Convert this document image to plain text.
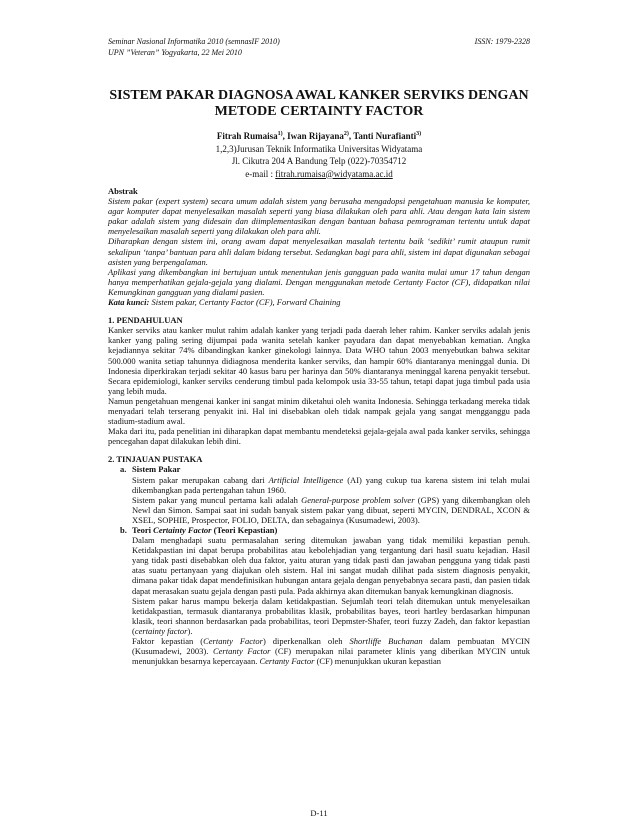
Seminar Nasional Informatika 2010 (semnasIF 2010)
UPN ”Veteran” Yogyakarta, 22 Mei 2010
ISSN: 1979-2328
SISTEM PAKAR DIAGNOSA AWAL KANKER SERVIKS DENGAN
METODE CERTAINTY FACTOR
Fitrah Rumaisa$^{1)}$, Iwan Rijayana$^{2)}$, Tanti Nurafianti$^{3)}$
1,2,3)Jurusan Teknik Informatika Universitas Widyatama
Jl. Cikutra 204 A Bandung Telp (022)-70354712
e-mail : fitrah.rumaisa@widyatama.ac.id
Abstrak

Sistem pakar (expert system) secara umum adalah sistem yang berusaha mengadopsi pengetahuan manusia ke komputer, agar komputer dapat menyelesaikan masalah seperti yang biasa dilakukan oleh para ahli. Atau dengan kata lain sistem pakar adalah sistem yang didesain dan diimplementasikan dengan bantuan bahasa pemrograman tertentu untuk dapat menyelesaikan masalah seperti yang dilakukan oleh para ahli.

Diharapkan dengan sistem ini, orang awam dapat menyelesaikan masalah tertentu baik ‘sedikit’ rumit ataupun rumit sekalipun ‘tanpa’ bantuan para ahli dalam bidang tersebut. Sedangkan bagi para ahli, sistem ini dapat digunakan sebagai asisten yang berpengalaman.

Aplikasi yang dikembangkan ini bertujuan untuk menentukan jenis gangguan pada wanita mulai umur 17 tahun dengan hanya memperhatikan gejala-gejala yang dialami. Dengan menggunakan metode Certanty Factor (CF), didapatkan nilai Kemungkinan gangguan yang dialami pasien.

Kata kunci: Sistem pakar, Certanty Factor (CF), Forward Chaining

1. PENDAHULUAN

Kanker serviks atau kanker mulut rahim adalah kanker yang terjadi pada daerah leher rahim. Kanker serviks adalah jenis kanker yang paling sering dijumpai pada wanita setelah kanker payudara dan dapat menyebabkan kematian. Angka kejadiannya sekitar 74% dibandingkan kanker ginekologi lainnya. Data WHO tahun 2003 menyebutkan bahwa sekitar 500.000 wanita setiap tahunnya didiagnosa menderita kanker serviks, dan hampir 60% diantaranya meninggal dunia. Di Indonesia diperkirakan terjadi sekitar 40 kasus baru per harinya dan 50% diantaranya meninggal karena penyakit tersebut. Secara epidemiologi, kanker serviks cenderung timbul pada kelompok usia 33-55 tahun, tetapi dapat juga timbul pada usia yang lebih muda.

Namun pengetahuan mengenai kanker ini sangat minim diketahui oleh wanita Indonesia. Sehingga terkadang mereka tidak menyadari telah terserang penyakit ini. Hal ini disebabkan oleh tidak nampak gejala yang sangat mengganggu pada stadium-stadium awal.

Maka dari itu, pada penelitian ini diharapkan dapat membantu mendeteksi gejala-gejala awal pada kanker serviks, sehingga pencegahan dapat dilakukan lebih dini.

2. TINJAUAN PUSTAKA
a. Sistem Pakar

Sistem pakar merupakan cabang dari Artificial Intelligence (AI) yang cukup tua karena sistem ini telah mulai dikembangkan pada pertengahan tahun 1960.

Sistem pakar yang muncul pertama kali adalah General-purpose problem solver (GPS) yang dikembangkan oleh Newl dan Simon. Sampai saat ini sudah banyak sistem pakar yang dibuat, seperti MYCIN, DENDRAL, XCON & XSEL, SOPHIE, Prospector, FOLIO, DELTA, dan sebagainya (Kusumadewi, 2003).

b. Teori Certainty Factor (Teori Kepastian)

Dalam menghadapi suatu permasalahan sering ditemukan jawaban yang tidak memiliki kepastian penuh. Ketidakpastian ini dapat berupa probabilitas atau kebolehjadian yang tergantung dari hasil suatu kejadian. Hasil yang tidak pasti disebabkan oleh dua faktor, yaitu aturan yang tidak pasti dan jawaban pengguna yang tidak pasti atas suatu pertanyaan yang diajukan oleh sistem. Hal ini sangat mudah dilihat pada sistem diagnosis penyakit, dimana pakar tidak dapat mendefinisikan hubungan antara gejala dengan penyebabnya secara pasti, dan pasien tidak dapat merasakan suatu gejala dengan pasti pula. Pada akhirnya akan ditemukan banyak kemungkinan diagnosis.

Sistem pakar harus mampu bekerja dalam ketidakpastian. Sejumlah teori telah ditemukan untuk menyelesaikan ketidakpastian, termasuk diantaranya probabilitas klasik, probabilitas bayes, teori hartley berdasarkan himpunan klasik, teori shannon berdasarkan pada probabilitas, teori Depmster-Shafer, teori fuzzy Zadeh, dan faktor kepastian (certainty factor).

Faktor kepastian (Certanty Factor) diperkenalkan oleh Shortliffe Buchanan dalam pembuatan MYCIN (Kusumadewi, 2003). Certanty Factor (CF) merupakan nilai parameter klinis yang diberikan MYCIN untuk menunjukkan besarnya kepercayaan. Certanty Factor (CF) menunjukkan ukuran kepastian

D-11
